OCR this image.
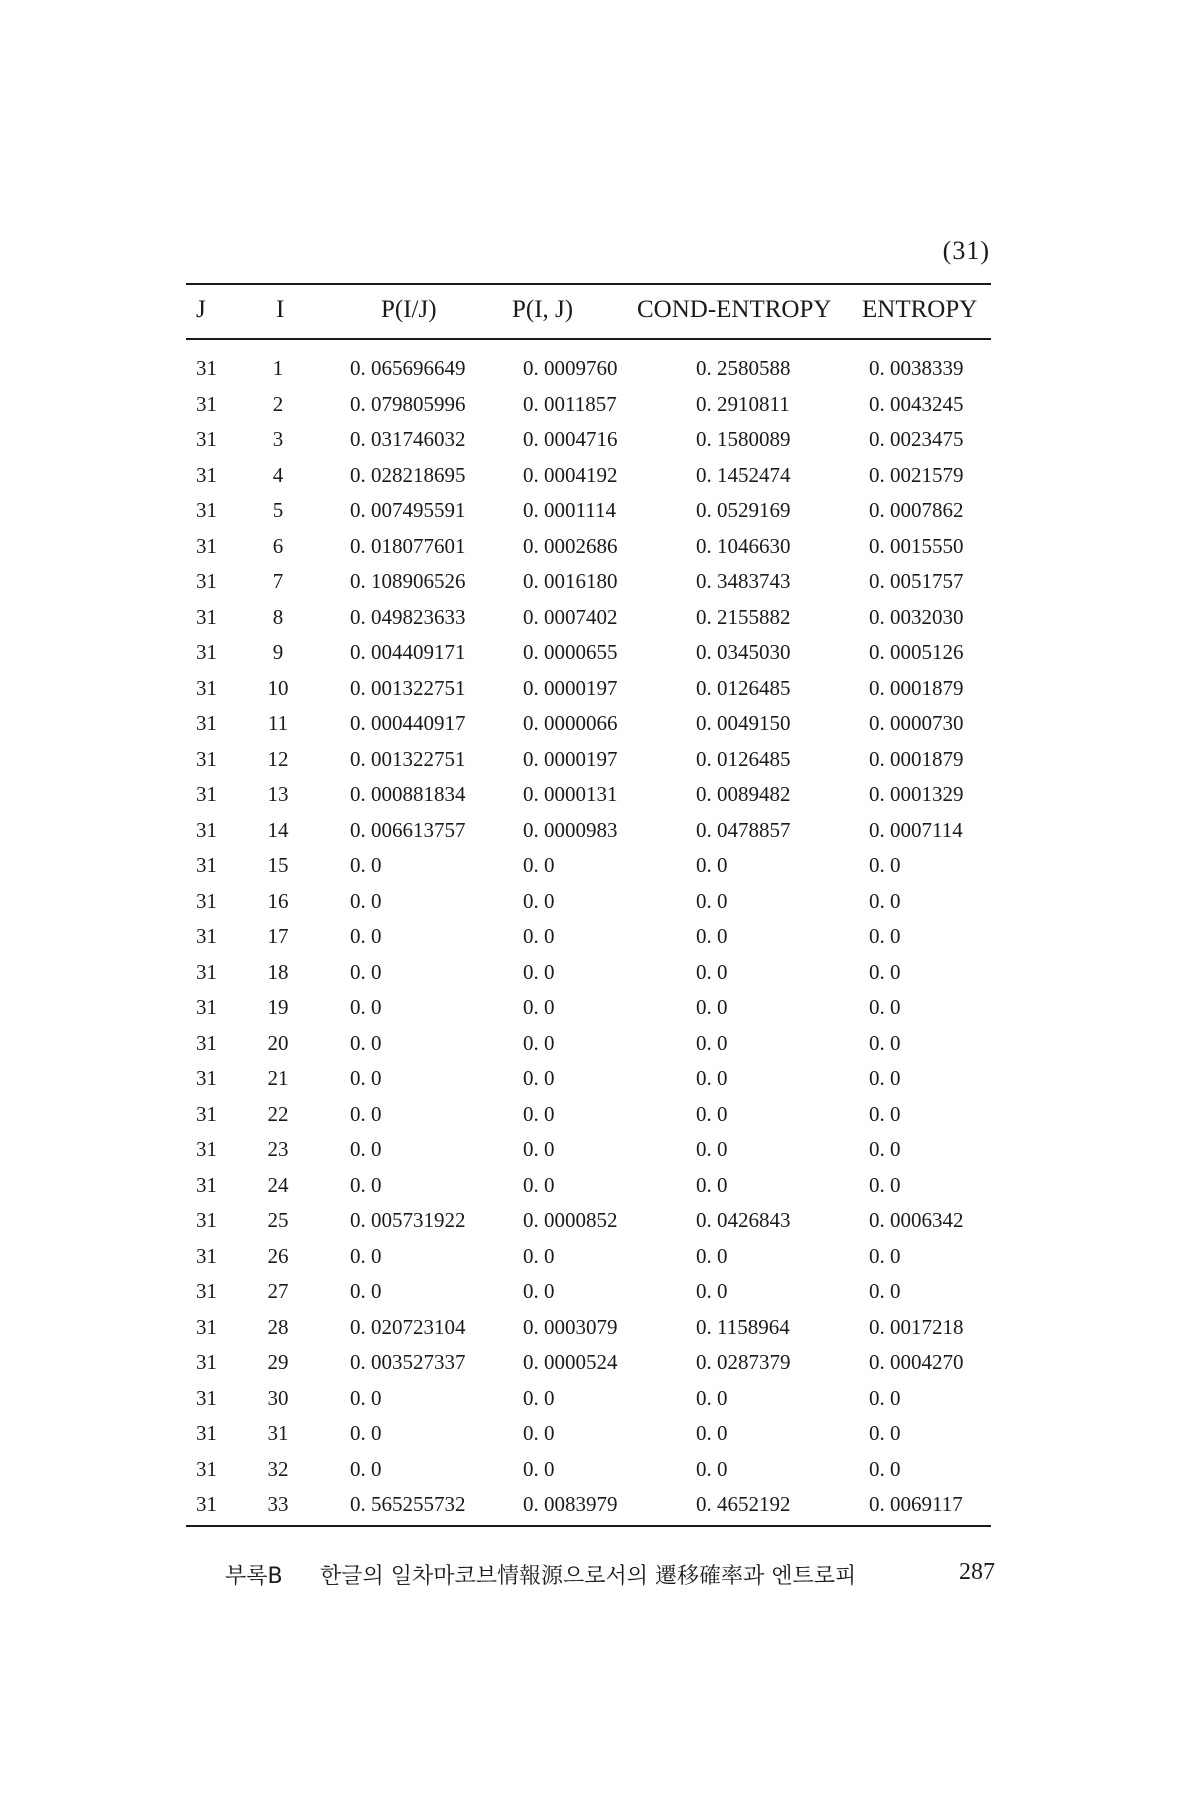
(31)
J	I	P(I/J)	P(I, J)	COND-ENTROPY ENTROPY
31	1	0. 065696649	0. 0009760	0. 2580588	0. 0038339
31	2	0. 079805996	0. 0011857	0. 2910811	0. 0043245
31	3	0. 031746032	0. 0004716	0. 1580089	0. 0023475
31	4	0. 028218695	0. 0004192	0. 1452474	0. 0021579
31	5	0. 007495591	0. 0001114	0. 0529169	0. 0007862
31	6	0. 018077601	0. 0002686	0. 1046630	0. 0015550
31	7	0. 108906526	0. 0016180	0. 3483743	0. 0051757
31	8	0. 049823633	0. 0007402	0. 2155882	0. 0032030
31	9	0. 004409171	0. 0000655	0. 0345030	0. 0005126
31	10	0. 001322751	0. 0000197	0. 0126485	0. 0001879
31	11	0. 000440917	0. 0000066	0. 0049150	0. 0000730
31	12	0. 001322751	0. 0000197	0. 0126485	0. 0001879
31	13	0. 000881834	0. 0000131	0. 0089482	0. 0001329
31	14	0. 006613757	0. 0000983	0. 0478857	0. 0007114
31	15	0. 0	0. 0	0. 0	0. 0
31	16	0. 0	0. 0	0. 0	0. 0
31	17	0. 0	0. 0	0. 0	0. 0
31	18	0. 0	0. 0	0. 0	0. 0
31	19	0. 0	0. 0	0. 0	0. 0
31	20	0. 0	0. 0	0. 0	0. 0
31	21	0. 0	0. 0	0. 0	0. 0
31	22	0. 0	0. 0	0. 0	0. 0
31	23	0. 0	0. 0	0. 0	0. 0
31	24	0. 0	0. 0	0. 0	0. 0
31	25	0. 005731922	0. 0000852	0. 0426843	0. 0006342
31	26	0. 0	0. 0	0. 0	0. 0
31	27	0. 0	0. 0	0. 0	0. 0
31	28	0. 020723104	0. 0003079	0. 1158964	0. 0017218
31	29	0. 003527337	0. 0000524	0. 0287379	0. 0004270
31	30	0. 0	0. 0	0. 0	0. 0
31	31	0. 0	0. 0	0. 0	0. 0
31	32	0. 0	0. 0	0. 0	0. 0
31	33	0. 565255732	0. 0083979	0. 4652192	0. 0069117
부록B 한글의 일차마코브情報源으로서의 遷移確率과 엔트로피	287
